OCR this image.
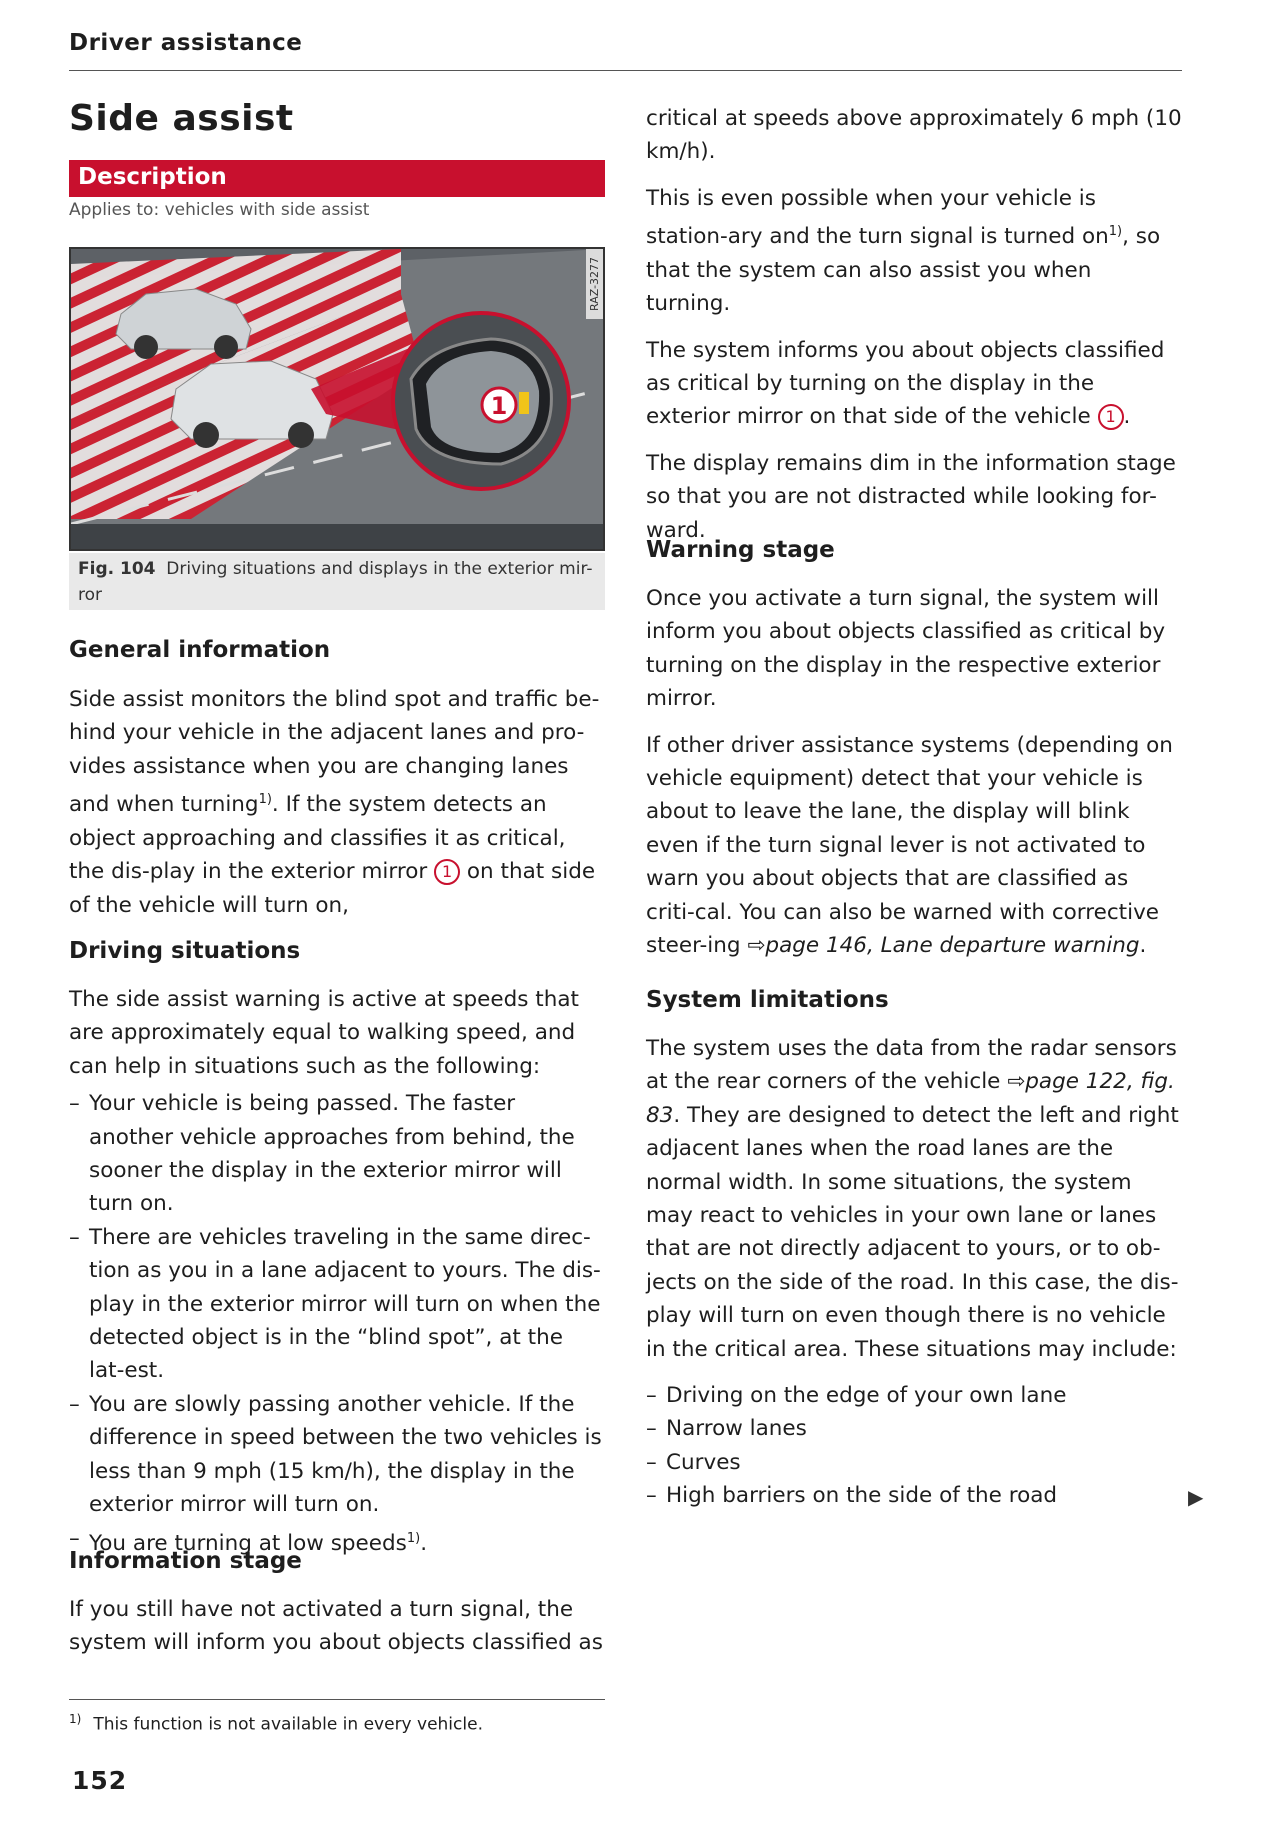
Driver assistance
Side assist
Description
Applies to: vehicles with side assist
1
RAZ-3277

Fig. 104 Driving situations and displays in the exterior mir-ror

General information

Side assist monitors the blind spot and traffic be-hind your vehicle in the adjacent lanes and pro-vides assistance when you are changing lanes and when turning$^{1)}$. If the system detects an object approaching and classifies it as critical, the dis-play in the exterior mirror 1 on that side of the vehicle will turn on,

Driving situations

The side assist warning is active at speeds that are approximately equal to walking speed, and can help in situations such as the following:

– Your vehicle is being passed. The faster another vehicle approaches from behind, the sooner the display in the exterior mirror will turn on.

– There are vehicles traveling in the same direc-tion as you in a lane adjacent to yours. The dis-play in the exterior mirror will turn on when the detected object is in the “blind spot”, at the lat-est.

– You are slowly passing another vehicle. If the difference in speed between the two vehicles is less than 9 mph (15 km/h), the display in the exterior mirror will turn on.

– You are turning at low speeds$^{1)}$.

Information stage

If you still have not activated a turn signal, the system will inform you about objects classified as

critical at speeds above approximately 6 mph (10 km/h).

This is even possible when your vehicle is station-ary and the turn signal is turned $on^{1)}$, so that the system can also assist you when turning.

The system informs you about objects classified as critical by turning on the display in the exterior mirror on that side of the vehicle 1 .

The display remains dim in the information stage so that you are not distracted while looking for-ward.

Warning stage

Once you activate a turn signal, the system will inform you about objects classified as critical by turning on the display in the respective exterior mirror.

If other driver assistance systems (depending on vehicle equipment) detect that your vehicle is about to leave the lane, the display will blink even if the turn signal lever is not activated to warn you about objects that are classified as criti-cal. You can also be warned with corrective steer-ing ⇨page 146, Lane departure warning.

System limitations

The system uses the data from the radar sensors at the rear corners of the vehicle ⇨page 122, fig. 83. They are designed to detect the left and right adjacent lanes when the road lanes are the normal width. In some situations, the system may react to vehicles in your own lane or lanes that are not directly adjacent to yours, or to ob-jects on the side of the road. In this case, the dis-play will turn on even though there is no vehicle in the critical area. These situations may include:

– Driving on the edge of your own lane

– Narrow lanes

– Curves

– High barriers on the side of the road	▶
$^{1)}$ This function is not available in every vehicle.
152
